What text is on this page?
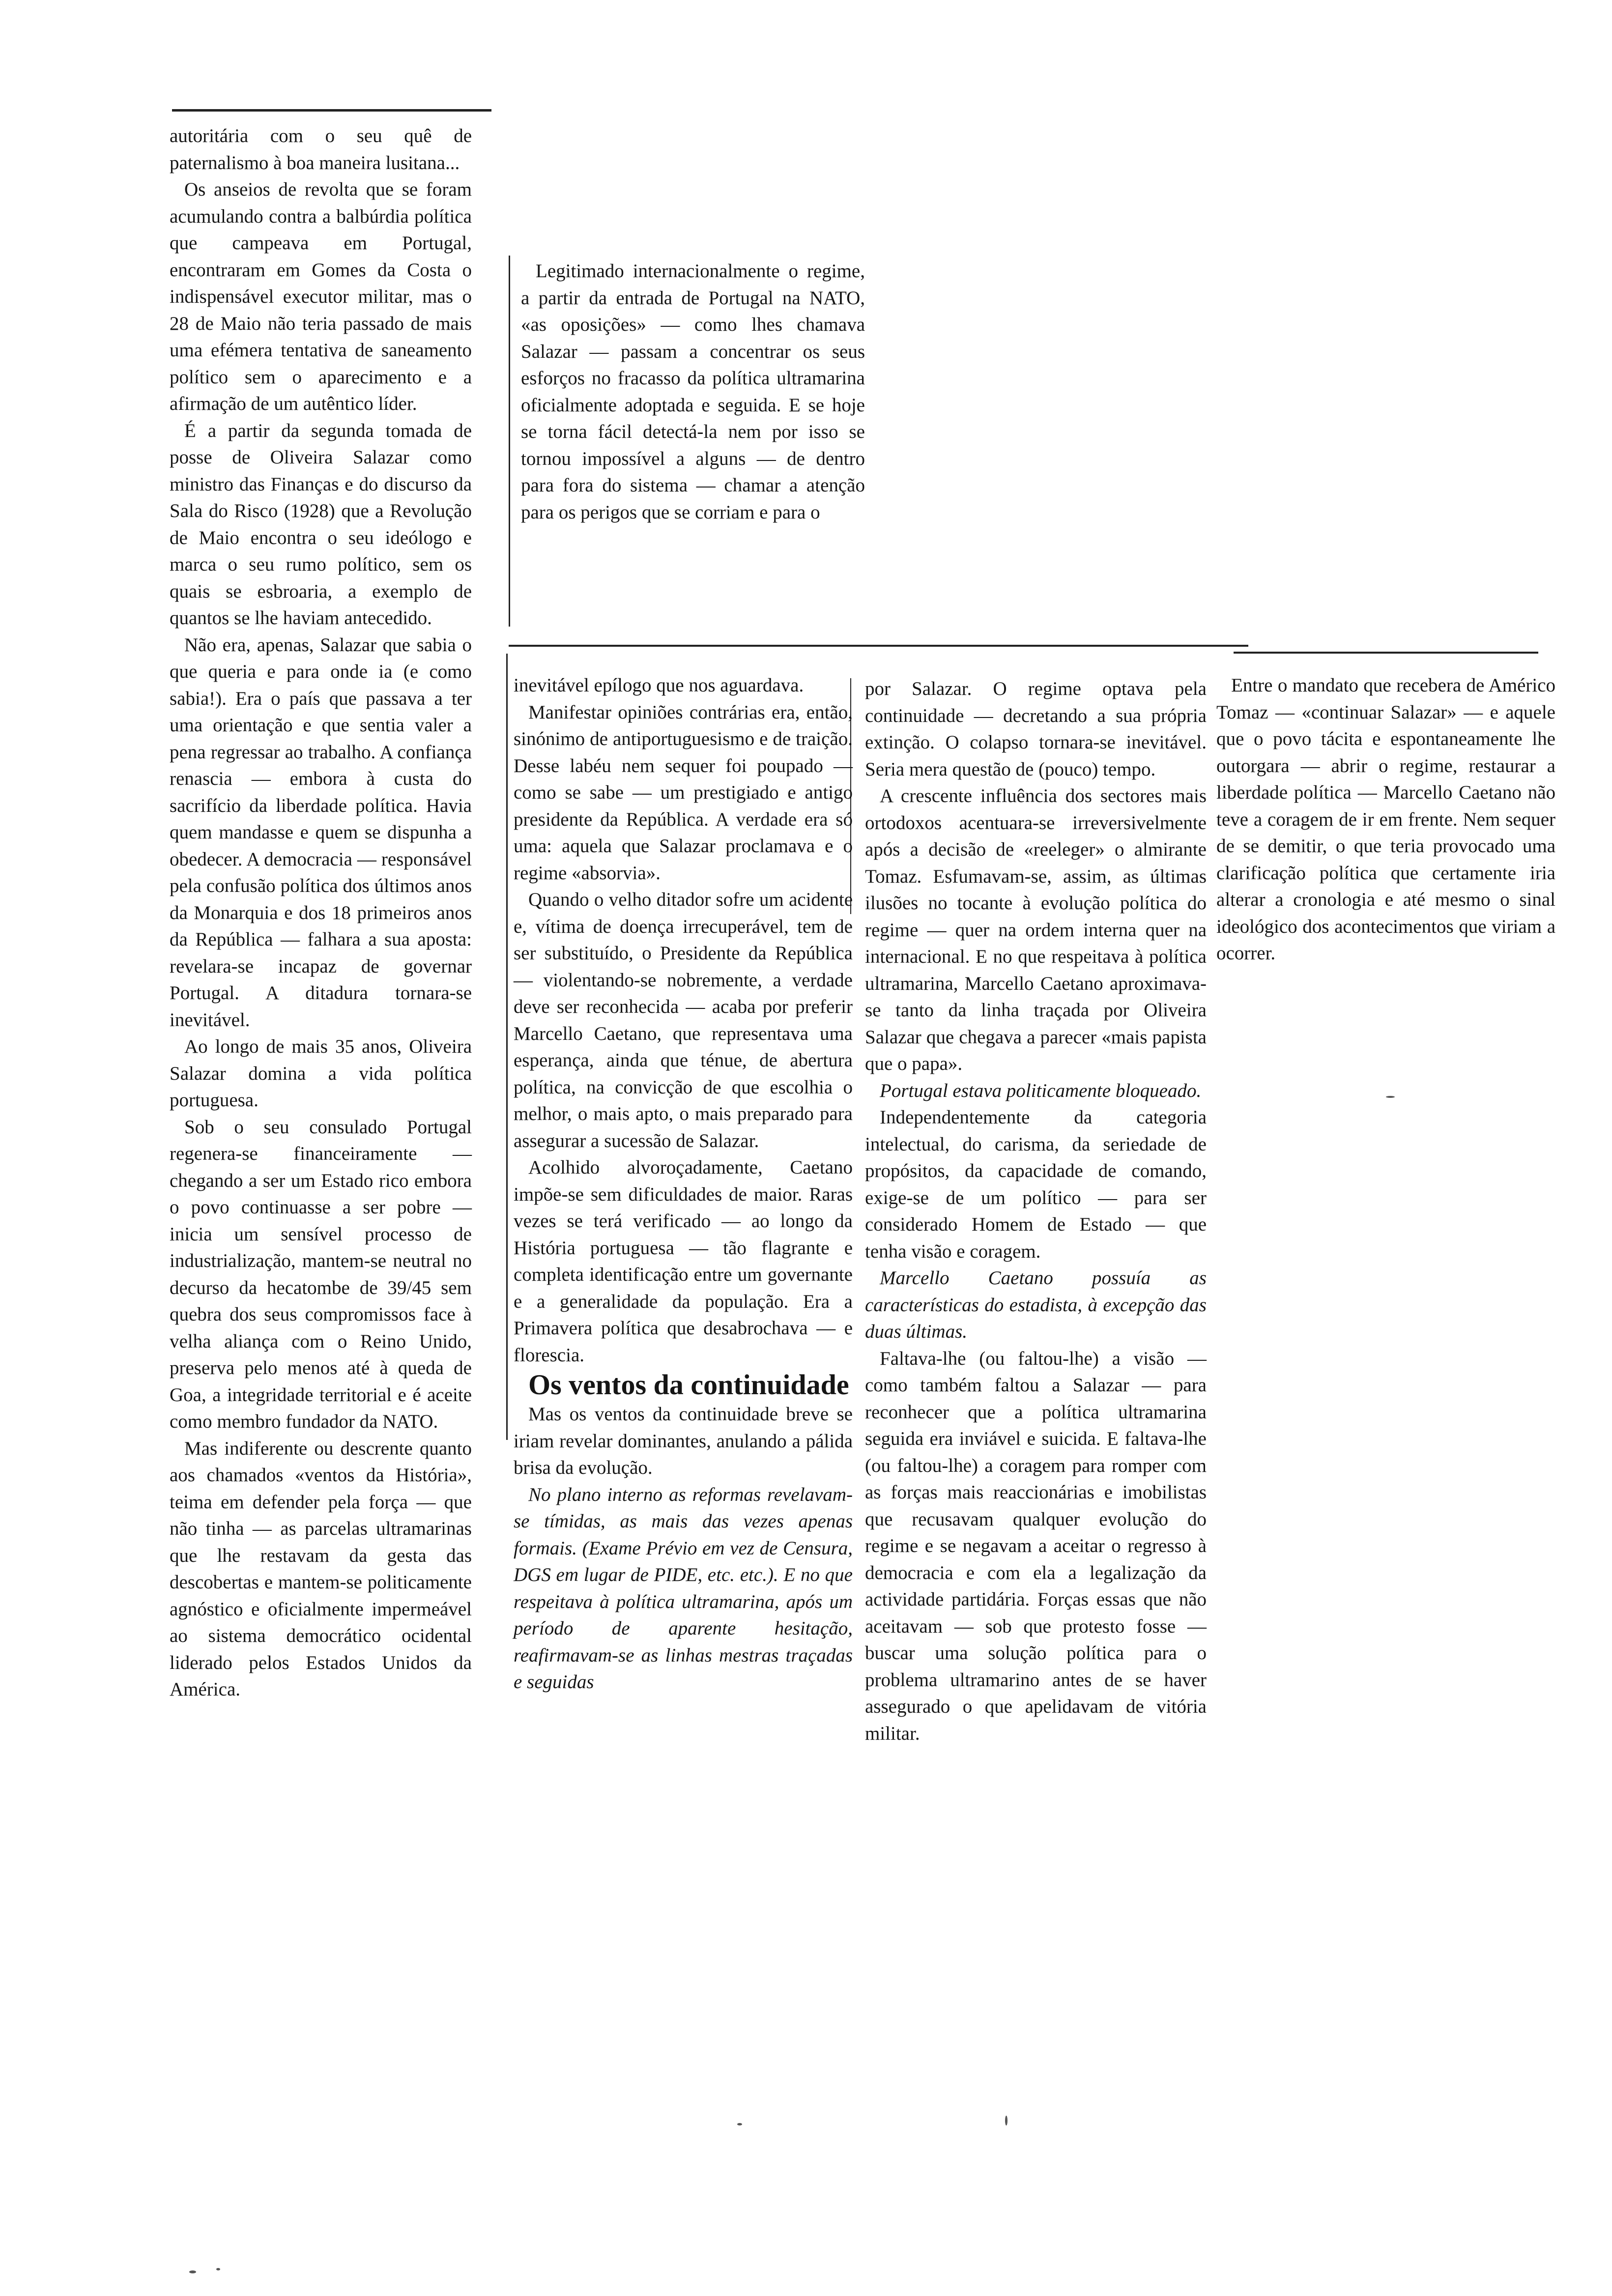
autoritária com o seu quê de paternalismo à boa maneira lusitana...

Os anseios de revolta que se foram acumulando contra a balbúrdia política que campeava em Portugal, encontraram em Gomes da Costa o indispensável executor militar, mas o 28 de Maio não teria passado de mais uma efémera tentativa de saneamento político sem o aparecimento e a afirmação de um autêntico líder.

É a partir da segunda tomada de posse de Oliveira Salazar como ministro das Finanças e do discurso da Sala do Risco (1928) que a Revolução de Maio encontra o seu ideólogo e marca o seu rumo político, sem os quais se esbroaria, a exemplo de quantos se lhe haviam antecedido.

Não era, apenas, Salazar que sabia o que queria e para onde ia (e como sabia!). Era o país que passava a ter uma orientação e que sentia valer a pena regressar ao trabalho. A confiança renascia — embora à custa do sacrifício da liberdade política. Havia quem mandasse e quem se dispunha a obedecer. A democracia — responsável pela confusão política dos últimos anos da Monarquia e dos 18 primeiros anos da República — falhara a sua aposta: revelara-se incapaz de governar Portugal. A ditadura tornara-se inevitável.

Ao longo de mais 35 anos, Oliveira Salazar domina a vida política portuguesa.

Sob o seu consulado Portugal regenera-se financeiramente — chegando a ser um Estado rico embora o povo continuasse a ser pobre — inicia um sensível processo de industrialização, mantem-se neutral no decurso da hecatombe de 39/45 sem quebra dos seus compromissos face à velha aliança com o Reino Unido, preserva pelo menos até à queda de Goa, a integridade territorial e é aceite como membro fundador da NATO.

Mas indiferente ou descrente quanto aos chamados «ventos da História», teima em defender pela força — que não tinha — as parcelas ultramarinas que lhe restavam da gesta das descobertas e mantem-se politicamente agnóstico e oficialmente impermeável ao sistema democrático ocidental liderado pelos Estados Unidos da América.

Legitimado internacionalmente o regime, a partir da entrada de Portugal na NATO, «as oposições» — como lhes chamava Salazar — passam a concentrar os seus esforços no fracasso da política ultramarina oficialmente adoptada e seguida. E se hoje se torna fácil detectá-la nem por isso se tornou impossível a alguns — de dentro para fora do sistema — chamar a atenção para os perigos que se corriam e para o

inevitável epílogo que nos aguardava.

Manifestar opiniões contrárias era, então, sinónimo de antiportuguesismo e de traição. Desse labéu nem sequer foi poupado — como se sabe — um prestigiado e antigo presidente da República. A verdade era só uma: aquela que Salazar proclamava e o regime «absorvia».

Quando o velho ditador sofre um acidente e, vítima de doença irrecuperável, tem de ser substituído, o Presidente da República — violentando-se nobremente, a verdade deve ser reconhecida — acaba por preferir Marcello Caetano, que representava uma esperança, ainda que ténue, de abertura política, na convicção de que escolhia o melhor, o mais apto, o mais preparado para assegurar a sucessão de Salazar.

Acolhido alvoroçadamente, Caetano impõe-se sem dificuldades de maior. Raras vezes se terá verificado — ao longo da História portuguesa — tão flagrante e completa identificação entre um governante e a generalidade da população. Era a Primavera política que desabrochava — e florescia.

Os ventos da continuidade

Mas os ventos da continuidade breve se iriam revelar dominantes, anulando a pálida brisa da evolução.

No plano interno as reformas revelavam-se tímidas, as mais das vezes apenas formais. (Exame Prévio em vez de Censura, DGS em lugar de PIDE, etc. etc.). E no que respeitava à política ultramarina, após um período de aparente hesitação, reafirmavam-se as linhas mestras traçadas e seguidas

por Salazar. O regime optava pela continuidade — decretando a sua própria extinção. O colapso tornara-se inevitável. Seria mera questão de (pouco) tempo.

A crescente influência dos sectores mais ortodoxos acentuara-se irreversivelmente após a decisão de «reeleger» o almirante Tomaz. Esfumavam-se, assim, as últimas ilusões no tocante à evolução política do regime — quer na ordem interna quer na internacional. E no que respeitava à política ultramarina, Marcello Caetano aproximava-se tanto da linha traçada por Oliveira Salazar que chegava a parecer «mais papista que o papa».

Portugal estava politicamente bloqueado.

Independentemente da categoria intelectual, do carisma, da seriedade de propósitos, da capacidade de comando, exige-se de um político — para ser considerado Homem de Estado — que tenha visão e coragem.

Marcello Caetano possuía as características do estadista, à excepção das duas últimas.

Faltava-lhe (ou faltou-lhe) a visão — como também faltou a Salazar — para reconhecer que a política ultramarina seguida era inviável e suicida. E faltava-lhe (ou faltou-lhe) a coragem para romper com as forças mais reaccionárias e imobilistas que recusavam qualquer evolução do regime e se negavam a aceitar o regresso à democracia e com ela a legalização da actividade partidária. Forças essas que não aceitavam — sob que protesto fosse — buscar uma solução política para o problema ultramarino antes de se haver assegurado o que apelidavam de vitória militar.

Entre o mandato que recebera de Américo Tomaz — «continuar Salazar» — e aquele que o povo tácita e espontaneamente lhe outorgara — abrir o regime, restaurar a liberdade política — Marcello Caetano não teve a coragem de ir em frente. Nem sequer de se demitir, o que teria provocado uma clarificação política que certamente iria alterar a cronologia e até mesmo o sinal ideológico dos acontecimentos que viriam a ocorrer.
